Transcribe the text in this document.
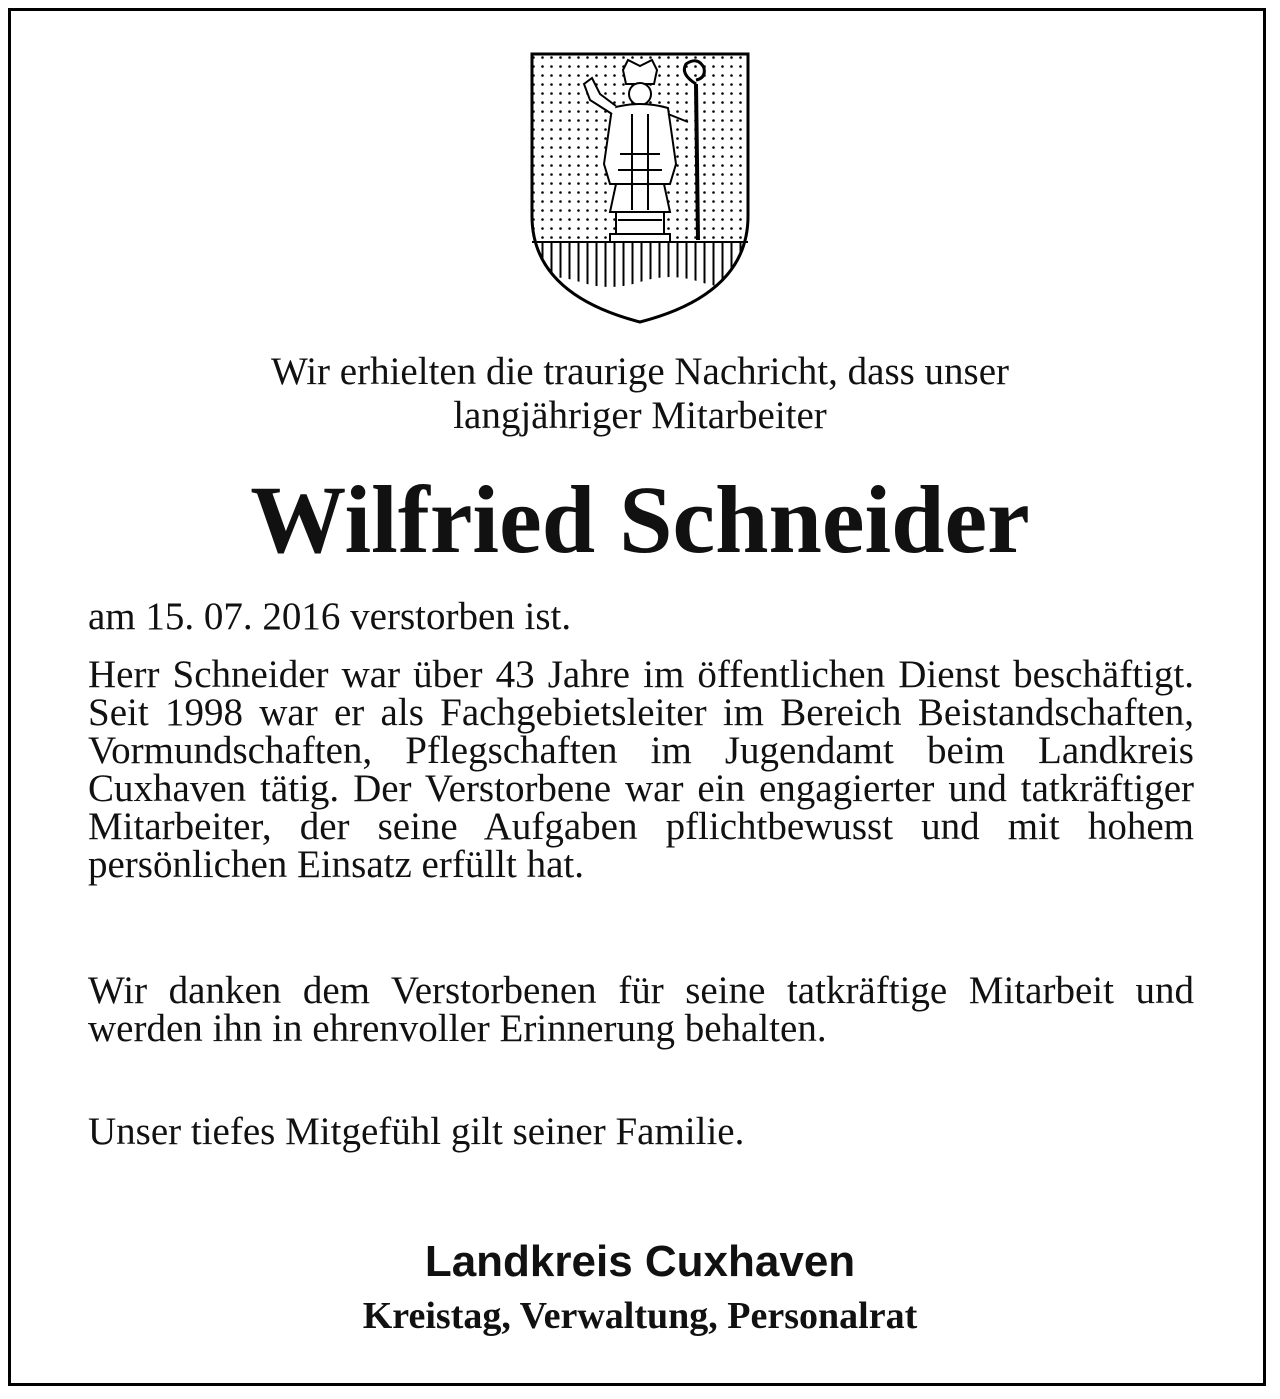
Wir erhielten die traurige Nachricht, dass unser
langjähriger Mitarbeiter
Wilfried Schneider
am 15. 07. 2016 verstorben ist.
Herr Schneider war über 43 Jahre im öffentlichen Dienst beschäftigt. Seit 1998 war er als Fachgebietsleiter im Bereich Beistandschaften, Vormundschaften, Pflegschaften im Jugendamt beim Landkreis Cuxhaven tätig. Der Verstorbene war ein engagierter und tatkräftiger Mitarbeiter, der seine Aufgaben pflichtbewusst und mit hohem persönlichen Einsatz erfüllt hat.
Wir danken dem Verstorbenen für seine tatkräftige Mitarbeit und werden ihn in ehrenvoller Erinnerung behalten.
Unser tiefes Mitgefühl gilt seiner Familie.
Landkreis Cuxhaven
Kreistag, Verwaltung, Personalrat
